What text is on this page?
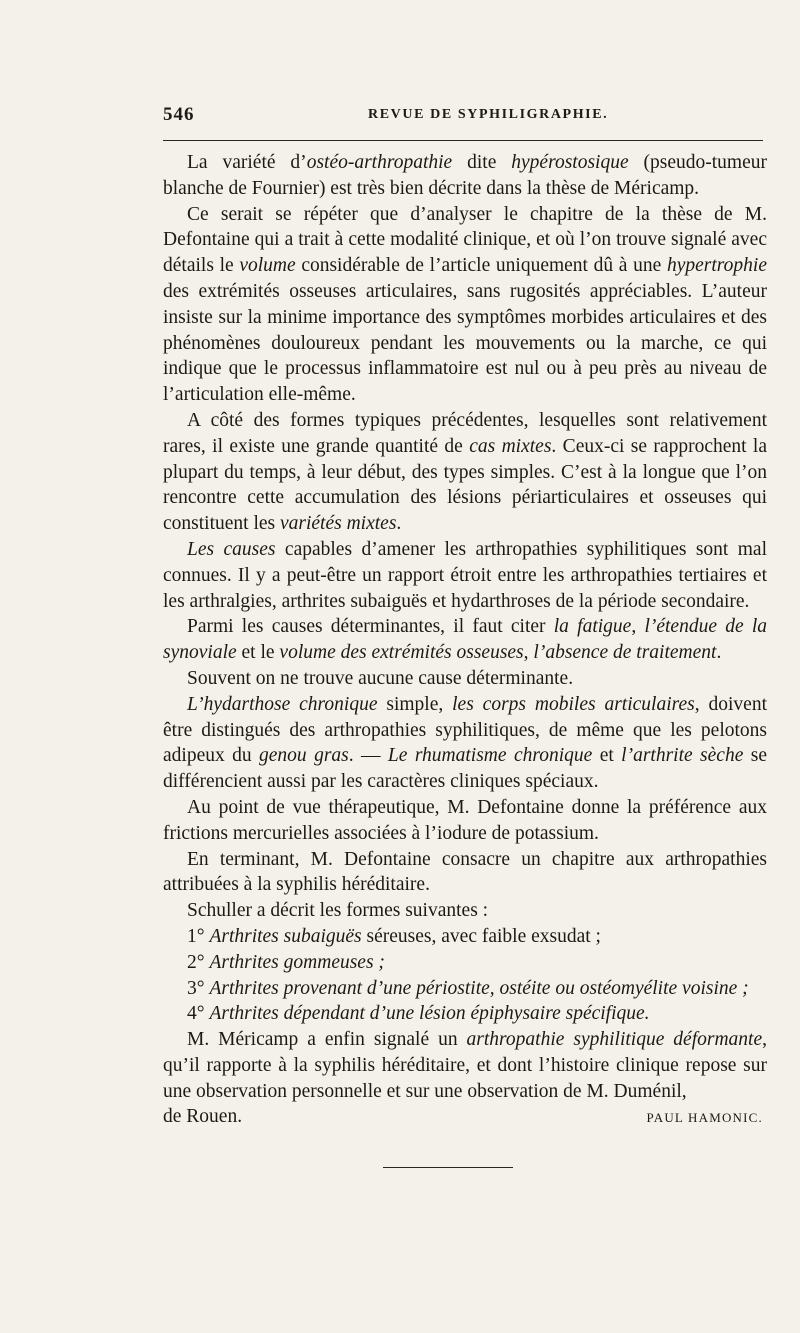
546	REVUE DE SYPHILIGRAPHIE.

La variété d’ostéo-arthropathie dite hypérostosique (pseudo-tumeur blanche de Fournier) est très bien décrite dans la thèse de Méricamp.

Ce serait se répéter que d’analyser le chapitre de la thèse de M. Defontaine qui a trait à cette modalité clinique, et où l’on trouve signalé avec détails le volume considérable de l’article uniquement dû à une hypertrophie des extrémités osseuses articulaires, sans rugosités appréciables. L’auteur insiste sur la minime importance des symptômes morbides articulaires et des phénomènes douloureux pendant les mouvements ou la marche, ce qui indique que le processus inflammatoire est nul ou à peu près au niveau de l’articulation elle-même.

A côté des formes typiques précédentes, lesquelles sont relativement rares, il existe une grande quantité de cas mixtes. Ceux-ci se rapprochent la plupart du temps, à leur début, des types simples. C’est à la longue que l’on rencontre cette accumulation des lésions périarticulaires et osseuses qui constituent les variétés mixtes.

Les causes capables d’amener les arthropathies syphilitiques sont mal connues. Il y a peut-être un rapport étroit entre les arthropathies tertiaires et les arthralgies, arthrites subaiguës et hydarthroses de la période secondaire.

Parmi les causes déterminantes, il faut citer la fatigue, l’étendue de la synoviale et le volume des extrémités osseuses, l’absence de traitement.

Souvent on ne trouve aucune cause déterminante.

L’hydarthose chronique simple, les corps mobiles articulaires, doivent être distingués des arthropathies syphilitiques, de même que les pelotons adipeux du genou gras. — Le rhumatisme chronique et l’arthrite sèche se différencient aussi par les caractères cliniques spéciaux.

Au point de vue thérapeutique, M. Defontaine donne la préférence aux frictions mercurielles associées à l’iodure de potassium.

En terminant, M. Defontaine consacre un chapitre aux arthropathies attribuées à la syphilis héréditaire.

Schuller a décrit les formes suivantes :

1° Arthrites subaiguës séreuses, avec faible exsudat ;

2° Arthrites gommeuses ;

3° Arthrites provenant d’une périostite, ostéite ou ostéomyélite voisine ;

4° Arthrites dépendant d’une lésion épiphysaire spécifique.

M. Méricamp a enfin signalé un arthropathie syphilitique déformante, qu’il rapporte à la syphilis héréditaire, et dont l’histoire clinique repose sur une observation personnelle et sur une observation de M. Duménil,

de Rouen.	PAUL HAMONIC.
